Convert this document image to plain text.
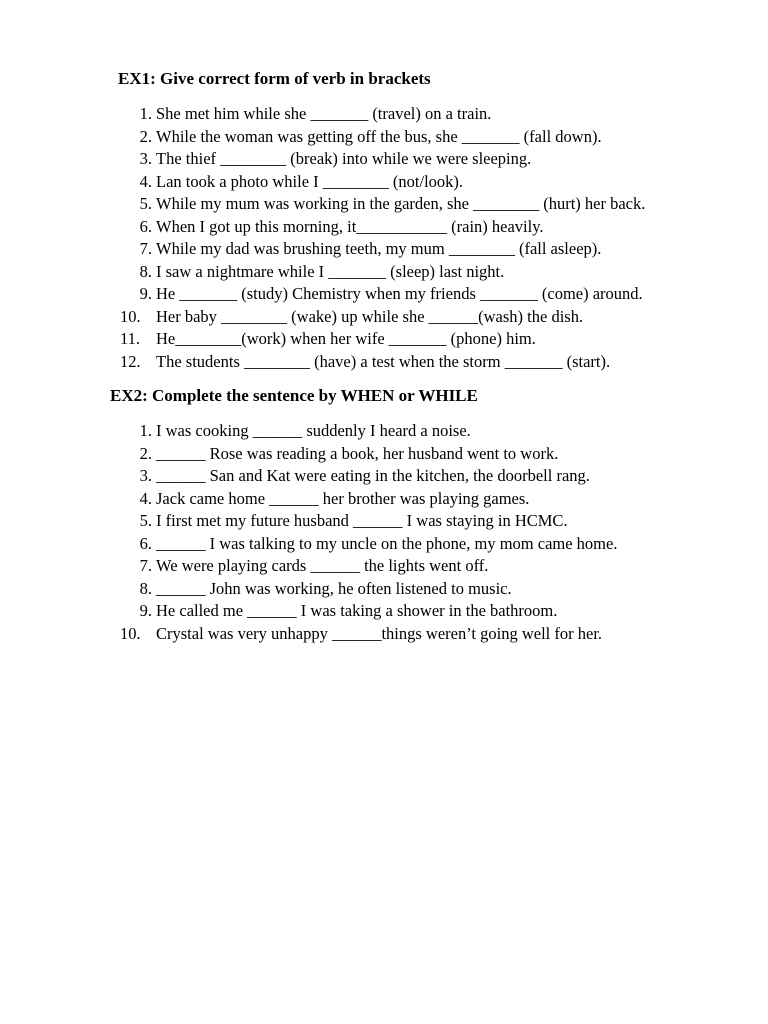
EX1: Give correct form of verb in brackets
1. She met him while she _______ (travel) on a train.
2. While the woman was getting off the bus, she _______ (fall down).
3. The thief ________ (break) into while we were sleeping.
4. Lan took a photo while I ________ (not/look).
5. While my mum was working in the garden, she ________ (hurt) her back.
6. When I got up this morning, it___________ (rain) heavily.
7. While my dad was brushing teeth, my mum ________ (fall asleep).
8. I saw a nightmare while I _______ (sleep) last night.
9. He _______ (study) Chemistry when my friends _______ (come) around.
10. Her baby ________ (wake) up while she ______(wash) the dish.
11. He________(work) when her wife _______ (phone) him.
12. The students ________ (have) a test when the storm _______ (start).
EX2: Complete the sentence by WHEN or WHILE
1. I was cooking ______ suddenly I heard a noise.
2. ______ Rose was reading a book, her husband went to work.
3. ______ San and Kat were eating in the kitchen, the doorbell rang.
4. Jack came home ______ her brother was playing games.
5. I first met my future husband ______ I was staying in HCMC.
6. ______ I was talking to my uncle on the phone, my mom came home.
7. We were playing cards ______ the lights went off.
8. ______ John was working, he often listened to music.
9. He called me ______ I was taking a shower in the bathroom.
10. Crystal was very unhappy ______things weren’t going well for her.
